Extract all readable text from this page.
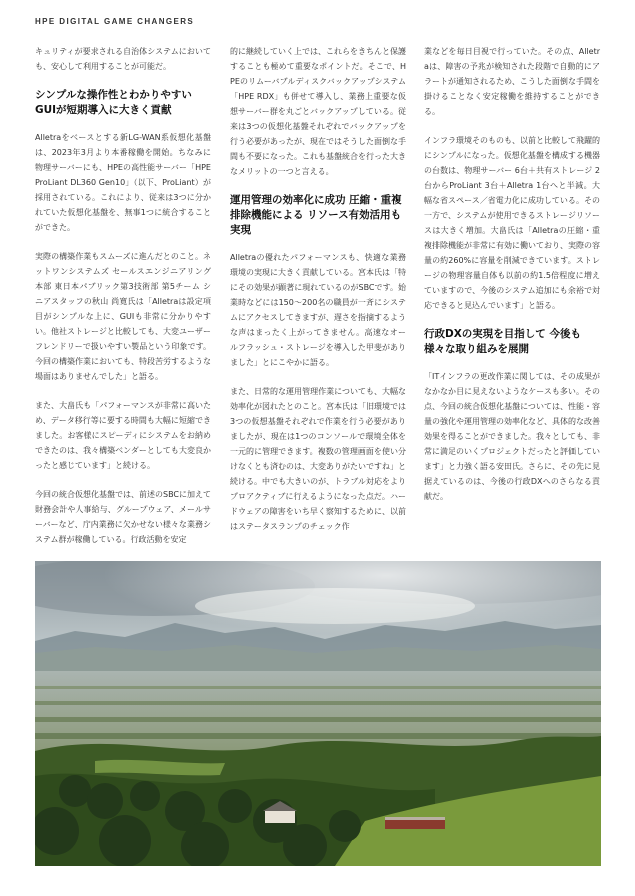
HPE DIGITAL GAME CHANGERS

キュリティが要求される自治体システムにおいても、安心して利用することが可能だ。

シンプルな操作性とわかりやすいGUIが短期導入に大きく貢献

Alletraをベースとする新LG-WAN系仮想化基盤は、2023年3月より本番稼働を開始。ちなみに物理サーバーにも、HPEの高性能サーバー「HPE ProLiant DL360 Gen10」（以下、ProLiant）が採用されている。これにより、従来は3つに分かれていた仮想化基盤を、無事1つに統合することができた。

実際の構築作業もスムーズに進んだとのこと。ネットワンシステムズ セールスエンジニアリング本部 東日本パブリック第3技術部 第5チーム シニアスタッフの秋山 尚寛氏は「Alletraは設定項目がシンプルな上に、GUIも非常に分かりやすい。他社ストレージと比較しても、大変ユーザーフレンドリーで扱いやすい製品という印象です。今回の構築作業においても、特段苦労するような場面はありませんでした」と語る。

また、大畠氏も「パフォーマンスが非常に高いため、データ移行等に要する時間も大幅に短縮できました。お客様にスピーディにシステムをお納めできたのは、我々構築ベンダーとしても大変良かったと感じています」と続ける。

今回の統合仮想化基盤では、前述のSBCに加えて財務会計や人事給与、グループウェア、メールサーバーなど、庁内業務に欠かせない様々な業務システム群が稼働している。行政活動を安定

的に継続していく上では、これらをきちんと保護することも極めて重要なポイントだ。そこで、HPEのリムーバブルディスクバックアップシステム「HPE RDX」も併せて導入し、業務上重要な仮想サーバー群を丸ごとバックアップしている。従来は3つの仮想化基盤それぞれでバックアップを行う必要があったが、現在ではそうした面倒な手間も不要になった。これも基盤統合を行った大きなメリットの一つと言える。

運用管理の効率化に成功 圧縮・重複排除機能による リソース有効活用も実現

Alletraの優れたパフォーマンスも、快適な業務環境の実現に大きく貢献している。宮本氏は「特にその効果が顕著に現れているのがSBCです。始業時などには150〜200名の職員が一斉にシステムにアクセスしてきますが、遅さを指摘するような声はまったく上がってきません。高速なオールフラッシュ・ストレージを導入した甲斐がありました」とにこやかに語る。

また、日常的な運用管理作業についても、大幅な効率化が図れたとのこと。宮本氏は「旧環境では3つの仮想基盤それぞれで作業を行う必要がありましたが、現在は1つのコンソールで環境全体を一元的に管理できます。複数の管理画面を使い分けなくとも済むのは、大変ありがたいですね」と続ける。中でも大きいのが、トラブル対応をよりプロアクティブに行えるようになった点だ。ハードウェアの障害をいち早く察知するために、以前はステータスランプのチェック作

業などを毎日目視で行っていた。その点、Alletraは、障害の予兆が検知された段階で自動的にアラートが通知されるため、こうした面倒な手間を掛けることなく安定稼働を維持することができる。

インフラ環境そのものも、以前と比較して飛躍的にシンプルになった。仮想化基盤を構成する機器の台数は、物理サーバー 6台＋共有ストレージ 2台からProLiant 3台＋Alletra 1台へと半減。大幅な省スペース／省電力化に成功している。その一方で、システムが使用できるストレージリソースは大きく増加。大畠氏は「Alletraの圧縮・重複排除機能が非常に有効に働いており、実際の容量の約260%に容量を削減できています。ストレージの物理容量自体も以前の約1.5倍程度に増えていますので、今後のシステム追加にも余裕で対応できると見込んでいます」と語る。

行政DXの実現を目指して 今後も様々な取り組みを展開

「ITインフラの更改作業に関しては、その成果がなかなか目に見えないようなケースも多い。その点、今回の統合仮想化基盤については、性能・容量の強化や運用管理の効率化など、具体的な改善効果を得ることができました。我々としても、非常に満足のいくプロジェクトだったと評価しています」と力強く語る安田氏。さらに、その先に見据えているのは、今後の行政DXへのさらなる貢献だ。
